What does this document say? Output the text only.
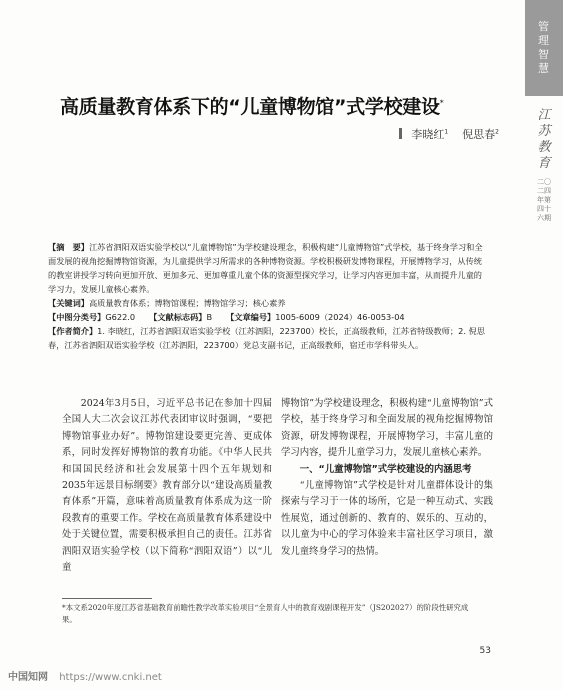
管
理
智
慧
江苏教育
二〇二四年第四十六期
高质量教育体系下的“儿童博物馆”式学校建设*
李晓红$^1$ 倪思春$^2$

【摘　要】江苏省泗阳双语实验学校以“儿童博物馆”为学校建设理念，积极构建“儿童博物馆”式学校，基于终身学习和全面发展的视角挖掘博物馆资源，为儿童提供学习所需求的各种博物资源。学校积极研发博物课程，开展博物学习，从传统的教室讲授学习转向更加开放、更加多元、更加尊重儿童个体的资源型探究学习，让学习内容更加丰富，从而提升儿童的学习力，发展儿童核心素养。

【关键词】高质量教育体系；博物馆课程；博物馆学习；核心素养

【中图分类号】G622.0 【文献标志码】B 【文章编号】1005-6009（2024）46-0053-04

【作者简介】1. 李晓红，江苏省泗阳双语实验学校（江苏泗阳，223700）校长，正高级教师，江苏省特级教师；2. 倪思春，江苏省泗阳双语实验学校（江苏泗阳，223700）党总支副书记，正高级教师，宿迁市学科带头人。

2024年3月5日，习近平总书记在参加十四届全国人大二次会议江苏代表团审议时强调，“要把博物馆事业办好”。博物馆建设要更完善、更成体系，同时发挥好博物馆的教育功能。《中华人民共和国国民经济和社会发展第十四个五年规划和2035年远景目标纲要》教育部分以“建设高质量教育体系”开篇，意味着高质量教育体系成为这一阶段教育的重要工作。学校在高质量教育体系建设中处于关键位置，需要积极承担自己的责任。江苏省泗阳双语实验学校（以下简称“泗阳双语”）以“儿童

博物馆”为学校建设理念，积极构建“儿童博物馆”式学校，基于终身学习和全面发展的视角挖掘博物馆资源，研发博物课程，开展博物学习，丰富儿童的学习内容，提升儿童学习力，发展儿童核心素养。

一、“儿童博物馆”式学校建设的内涵思考

“儿童博物馆”式学校是针对儿童群体设计的集探索与学习于一体的场所，它是一种互动式、实践性展览，通过创新的、教育的、娱乐的、互动的，以儿童为中心的学习体验来丰富社区学习项目，激发儿童终身学习的热情。

*本文系2020年度江苏省基础教育前瞻性教学改革实验项目“全景育人中的教育戏剧课程开发”（JS202027）的阶段性研究成果。

53
中国知网 https://www.cnki.net
